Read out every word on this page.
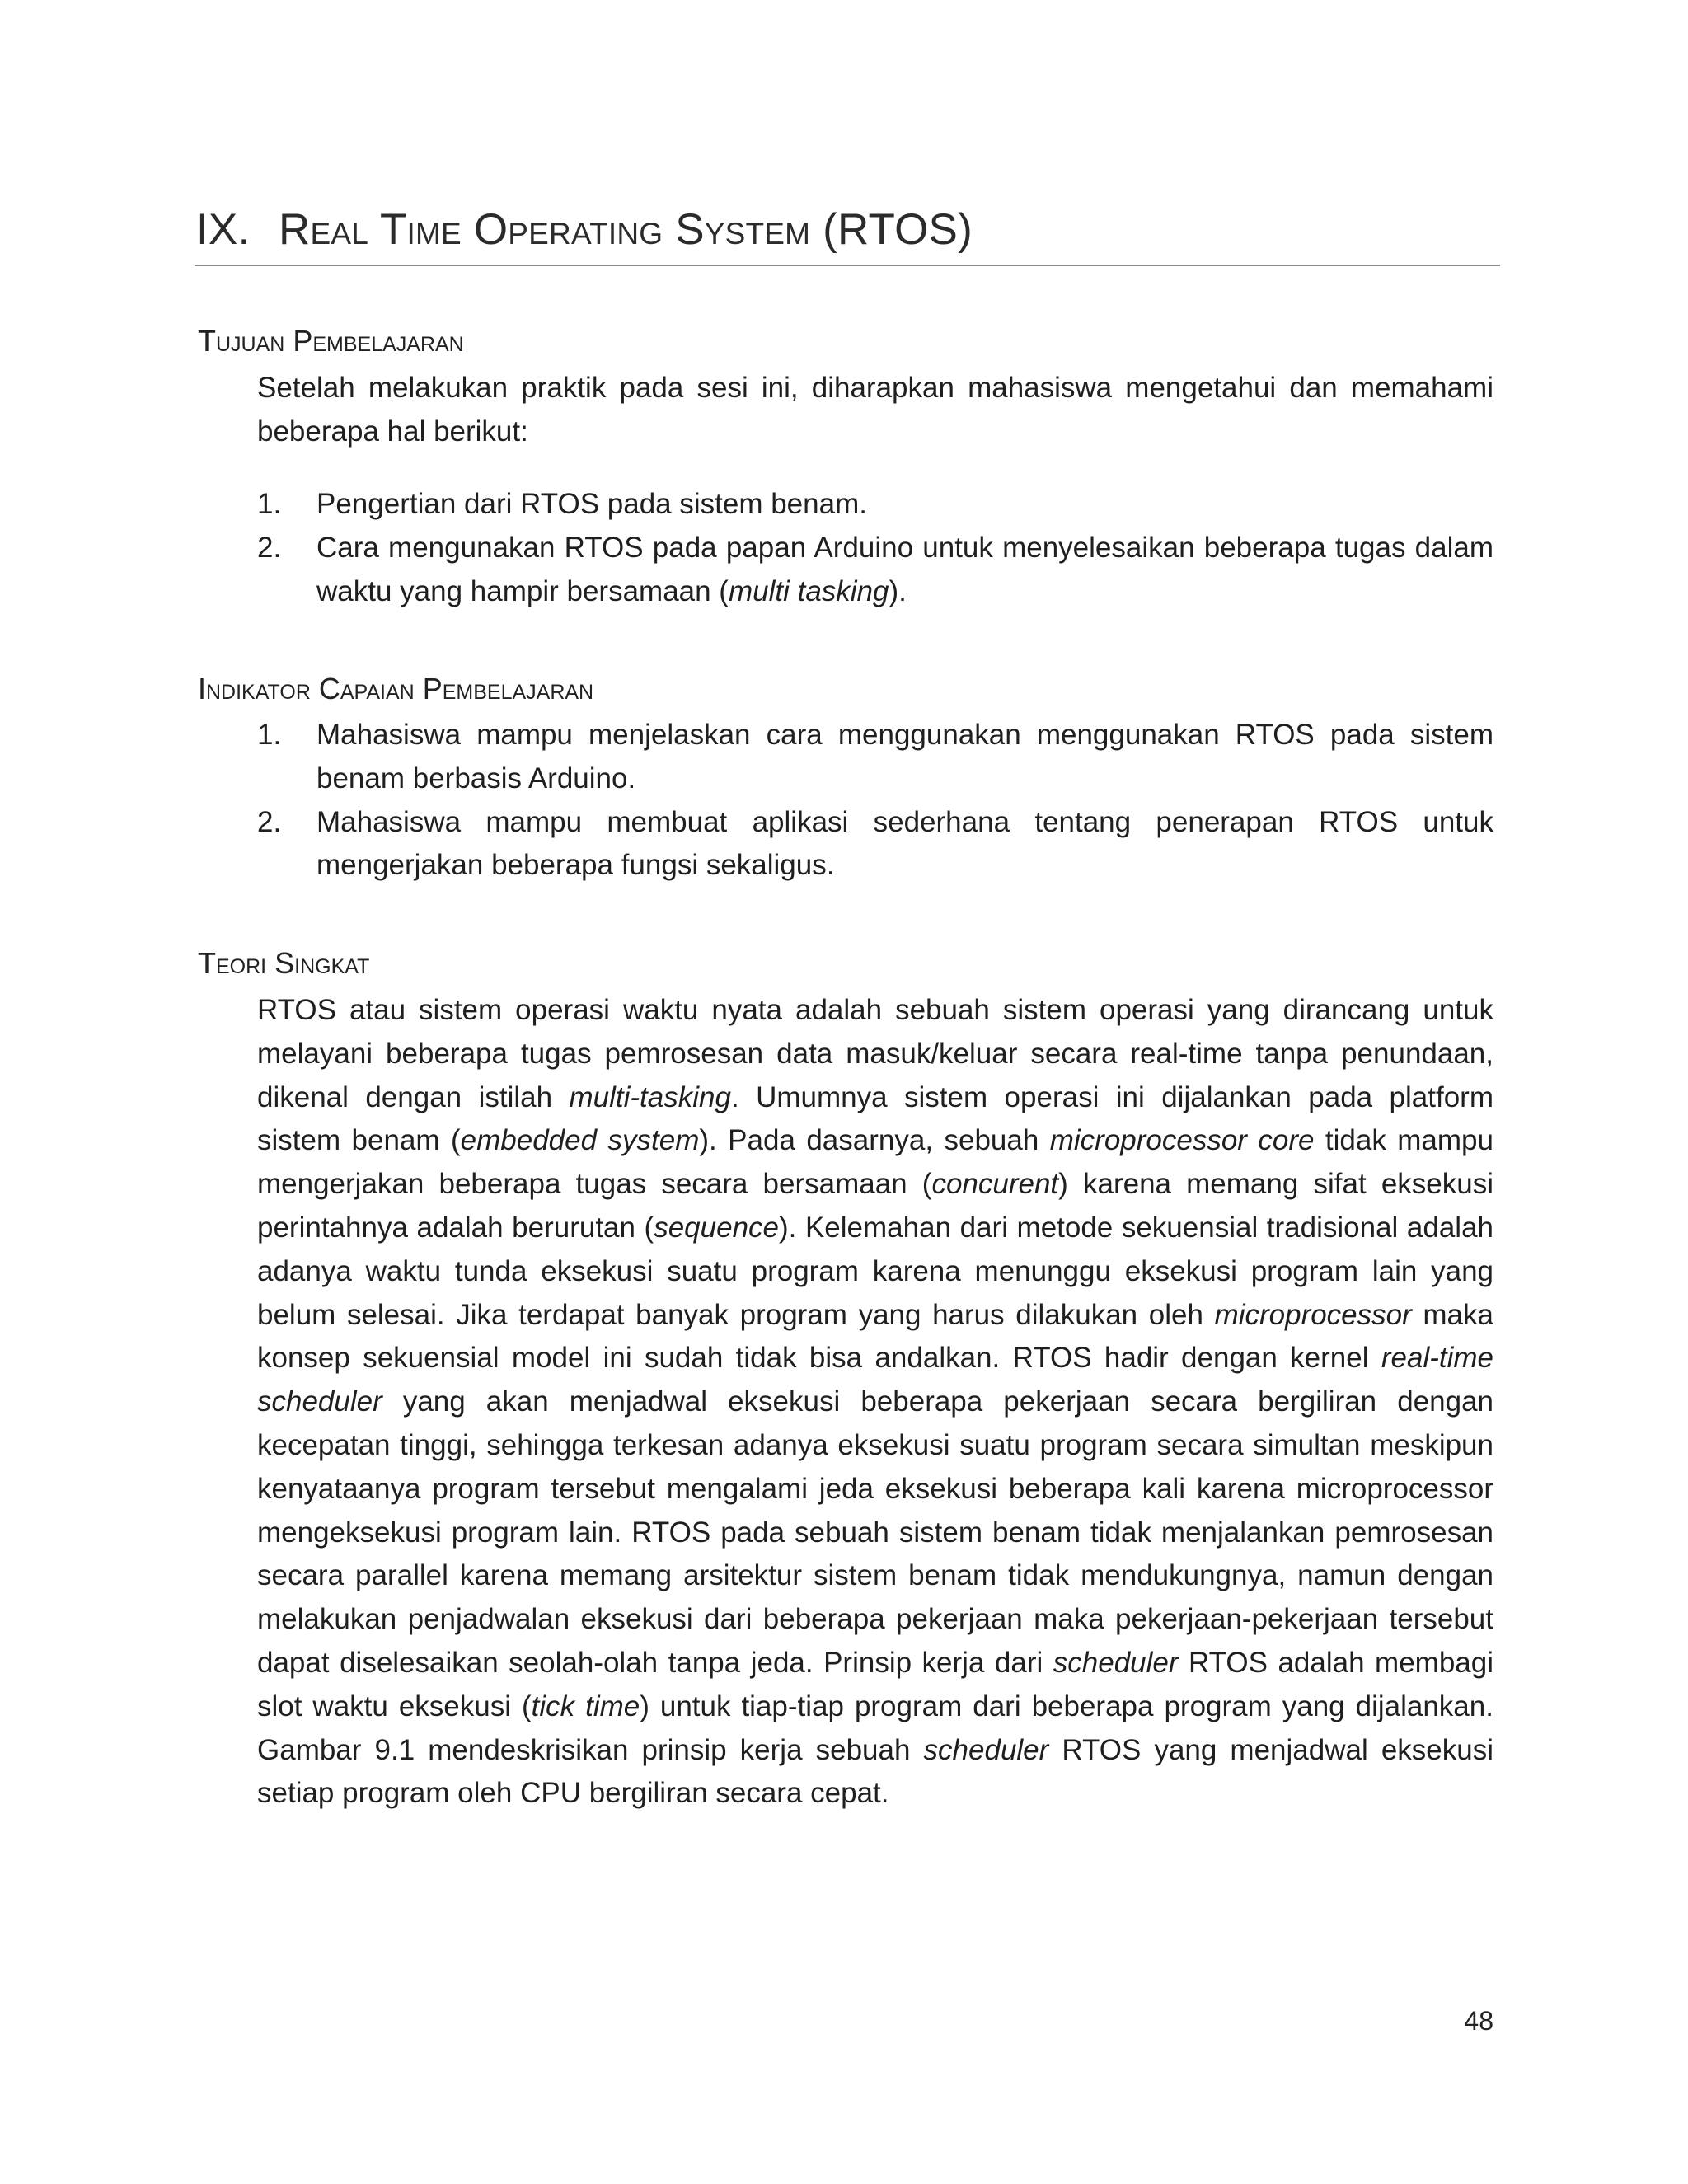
IX. Real Time Operating System (RTOS)
Tujuan Pembelajaran

Setelah melakukan praktik pada sesi ini, diharapkan mahasiswa mengetahui dan memahami beberapa hal berikut:

1. Pengertian dari RTOS pada sistem benam.
2. Cara mengunakan RTOS pada papan Arduino untuk menyelesaikan beberapa tugas dalam waktu yang hampir bersamaan (multi tasking).
Indikator Capaian Pembelajaran
1. Mahasiswa mampu menjelaskan cara menggunakan menggunakan RTOS pada sistem benam berbasis Arduino.
2. Mahasiswa mampu membuat aplikasi sederhana tentang penerapan RTOS untuk mengerjakan beberapa fungsi sekaligus.
Teori Singkat

RTOS atau sistem operasi waktu nyata adalah sebuah sistem operasi yang dirancang untuk melayani beberapa tugas pemrosesan data masuk/keluar secara real-time tanpa penundaan, dikenal dengan istilah multi-tasking. Umumnya sistem operasi ini dijalankan pada platform sistem benam (embedded system). Pada dasarnya, sebuah microprocessor core tidak mampu mengerjakan beberapa tugas secara bersamaan (concurent) karena memang sifat eksekusi perintahnya adalah berurutan (sequence). Kelemahan dari metode sekuensial tradisional adalah adanya waktu tunda eksekusi suatu program karena menunggu eksekusi program lain yang belum selesai. Jika terdapat banyak program yang harus dilakukan oleh microprocessor maka konsep sekuensial model ini sudah tidak bisa andalkan. RTOS hadir dengan kernel real-time scheduler yang akan menjadwal eksekusi beberapa pekerjaan secara bergiliran dengan kecepatan tinggi, sehingga terkesan adanya eksekusi suatu program secara simultan meskipun kenyataanya program tersebut mengalami jeda eksekusi beberapa kali karena microprocessor mengeksekusi program lain. RTOS pada sebuah sistem benam tidak menjalankan pemrosesan secara parallel karena memang arsitektur sistem benam tidak mendukungnya, namun dengan melakukan penjadwalan eksekusi dari beberapa pekerjaan maka pekerjaan-pekerjaan tersebut dapat diselesaikan seolah-olah tanpa jeda. Prinsip kerja dari scheduler RTOS adalah membagi slot waktu eksekusi (tick time) untuk tiap-tiap program dari beberapa program yang dijalankan. Gambar 9.1 mendeskrisikan prinsip kerja sebuah scheduler RTOS yang menjadwal eksekusi setiap program oleh CPU bergiliran secara cepat.

48
